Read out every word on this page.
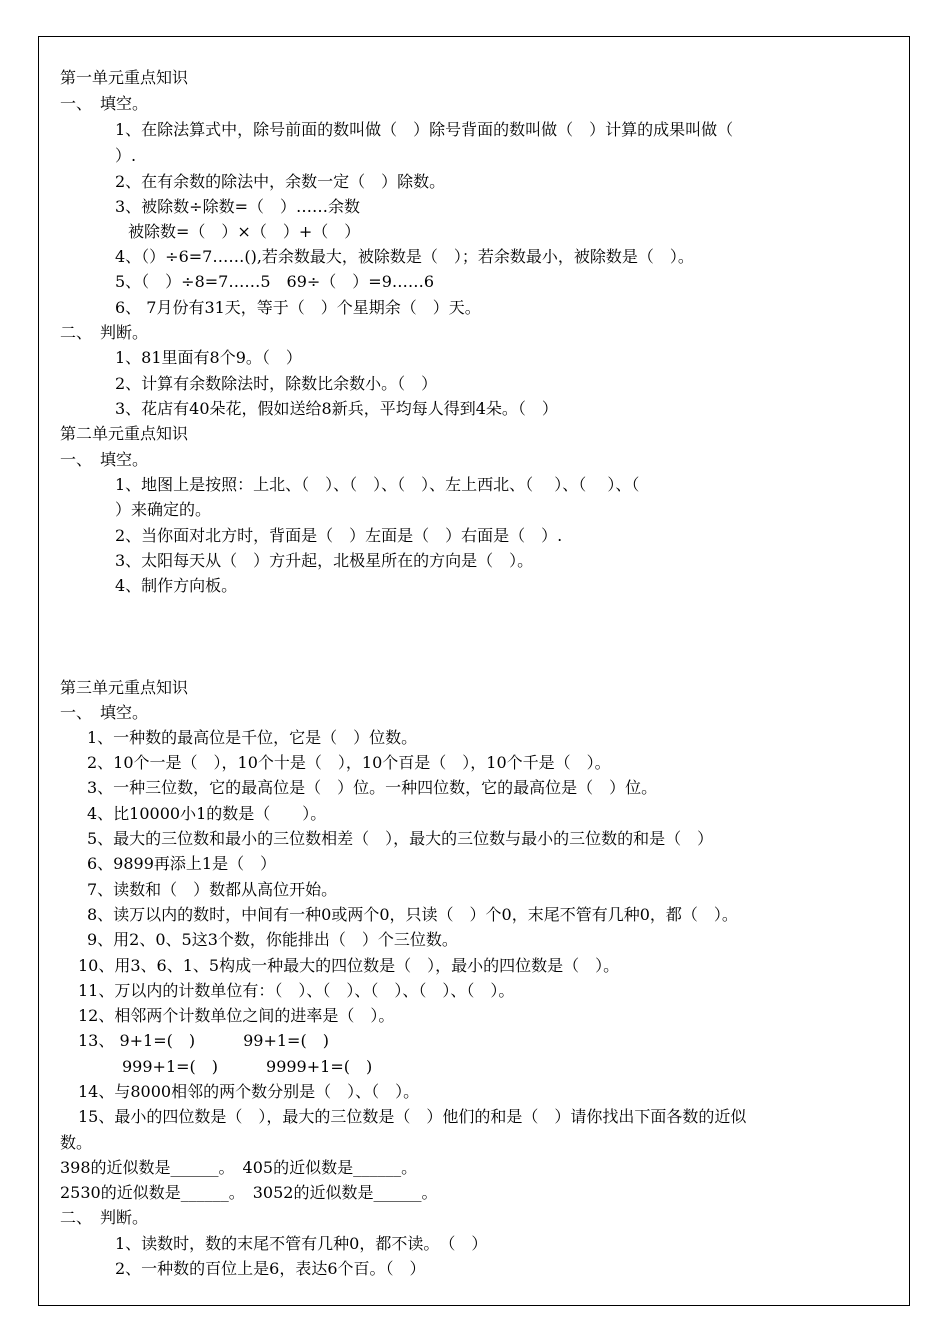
第一单元重点知识
一、　填空。
1、在除法算式中，除号前面的数叫做（　）除号背面的数叫做（　）计算的成果叫做（
）.
2、在有余数的除法中，余数一定（　）除数。
3、被除数÷除数=（　）……余数
被除数=（　）×（　）+（　）
4、（）÷6=7……(),若余数最大，被除数是（　）；若余数最小，被除数是（　）。
5、（　）÷8=7……5　69÷（　）=9……6
6、 7月份有31天，等于（　）个星期余（　）天。
二、　判断。
1、81里面有8个9。（　）
2、计算有余数除法时，除数比余数小。（　）
3、花店有40朵花，假如送给8新兵，平均每人得到4朵。（　）
第二单元重点知识
一、　填空。
1、地图上是按照：上北、（　）、（　）、（　）、左上西北、（　 ）、（　 ）、（
）来确定的。
2、当你面对北方时，背面是（　）左面是（　）右面是（　）.
3、太阳每天从（　）方升起，北极星所在的方向是（　）。
4、制作方向板。
第三单元重点知识
一、　填空。
1、一种数的最高位是千位，它是（　）位数。
2、10个一是（　），10个十是（　），10个百是（　），10个千是（　）。
3、一种三位数，它的最高位是（　）位。一种四位数，它的最高位是（　）位。
4、比10000小1的数是（　　）。
5、最大的三位数和最小的三位数相差（　），最大的三位数与最小的三位数的和是（　）
6、9899再添上1是（　）
7、读数和（　）数都从高位开始。
8、读万以内的数时，中间有一种0或两个0，只读（　）个0，末尾不管有几种0，都（　）。
9、用2、0、5这3个数，你能排出（　）个三位数。
10、用3、6、1、5构成一种最大的四位数是（　），最小的四位数是（　）。
11、万以内的计数单位有：（　）、（　）、（　）、（　）、（　）。
12、相邻两个计数单位之间的进率是（　）。
13、 9+1=(　)　　　99+1=(　)
999+1=(　)　　　9999+1=(　)
14、与8000相邻的两个数分别是（　）、（　）。
15、最小的四位数是（　），最大的三位数是（　）他们的和是（　）请你找出下面各数的近似
数。
398的近似数是______。　405的近似数是______。
2530的近似数是______。　3052的近似数是______。
二、　判断。
1、读数时，数的末尾不管有几种0，都不读。　（　）
2、一种数的百位上是6，表达6个百。（　）
